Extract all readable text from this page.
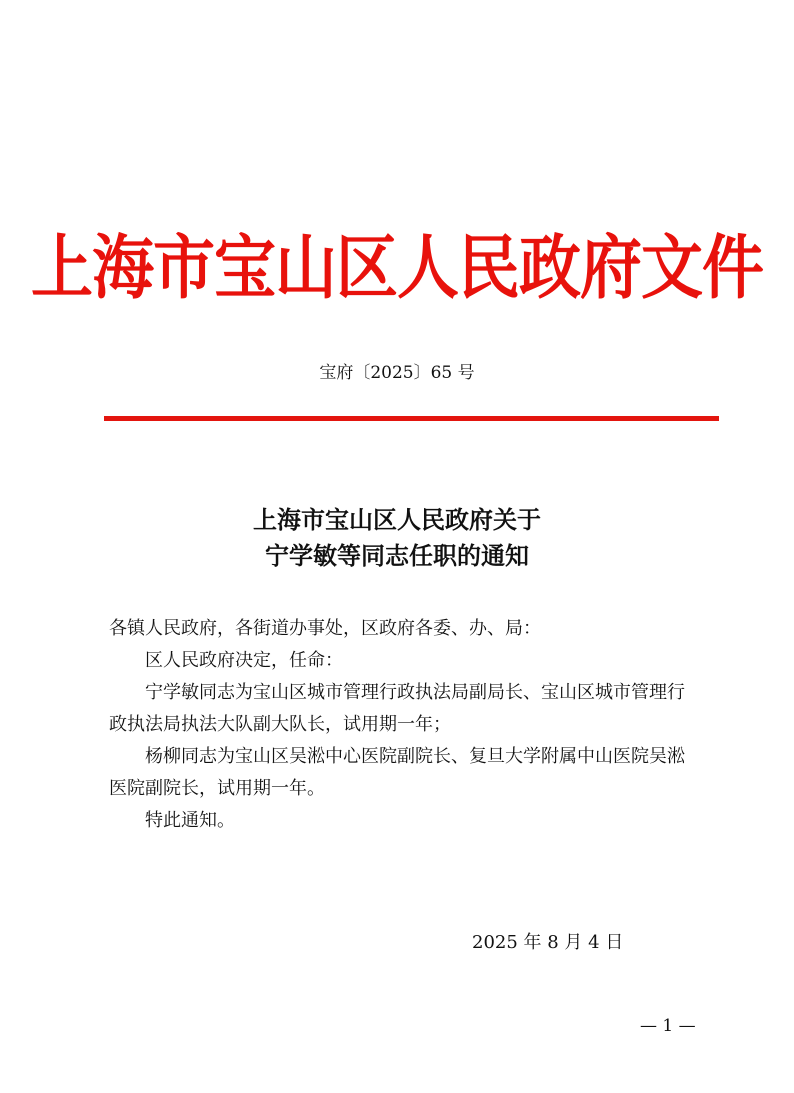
上海市宝山区人民政府文件
宝府〔2025〕65 号
上海市宝山区人民政府关于
宁学敏等同志任职的通知

各镇人民政府，各街道办事处，区政府各委、办、局：

区人民政府决定，任命：

宁学敏同志为宝山区城市管理行政执法局副局长、宝山区城市管理行政执法局执法大队副大队长，试用期一年；

杨柳同志为宝山区吴淞中心医院副院长、复旦大学附属中山医院吴淞医院副院长，试用期一年。

特此通知。

2025 年 8 月 4 日
— 1 —
